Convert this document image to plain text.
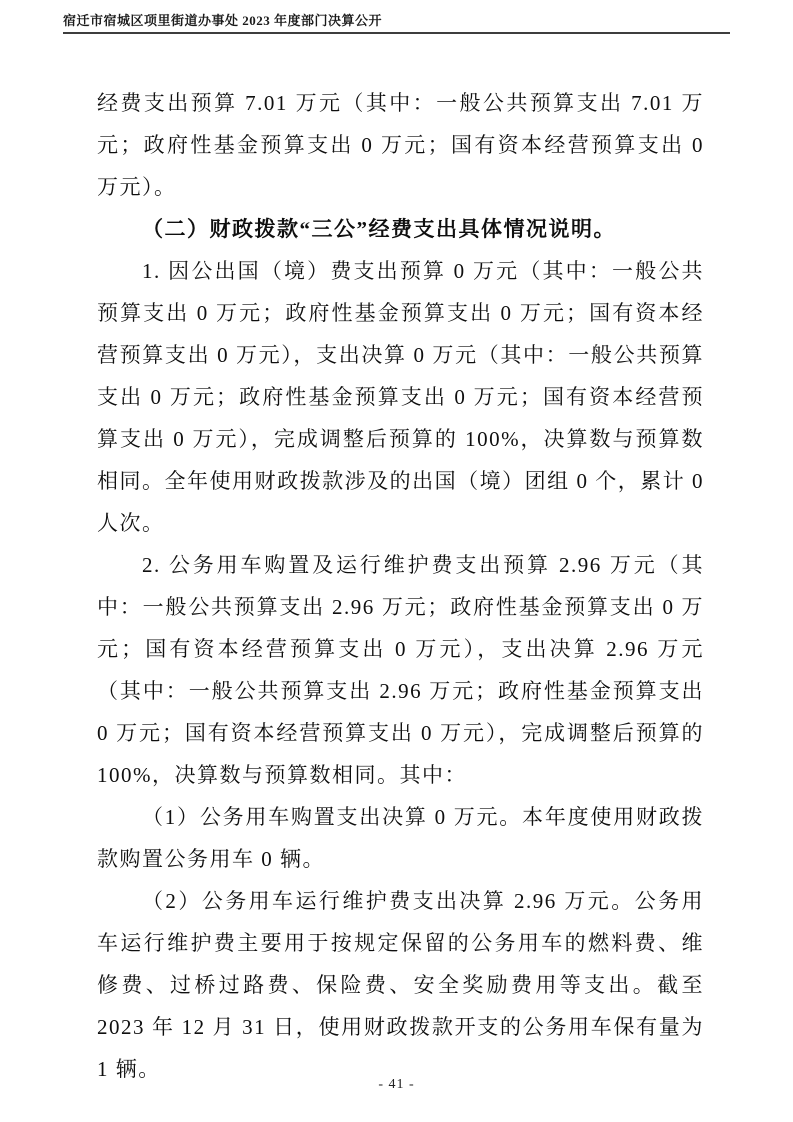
宿迁市宿城区项里街道办事处 2023 年度部门决算公开

经费支出预算 7.01 万元（其中：一般公共预算支出 7.01 万元；政府性基金预算支出 0 万元；国有资本经营预算支出 0 万元）。

（二）财政拨款“三公”经费支出具体情况说明。

1. 因公出国（境）费支出预算 0 万元（其中：一般公共预算支出 0 万元；政府性基金预算支出 0 万元；国有资本经营预算支出 0 万元），支出决算 0 万元（其中：一般公共预算支出 0 万元；政府性基金预算支出 0 万元；国有资本经营预算支出 0 万元），完成调整后预算的 100%，决算数与预算数相同。全年使用财政拨款涉及的出国（境）团组 0 个，累计 0 人次。

2. 公务用车购置及运行维护费支出预算 2.96 万元（其中：一般公共预算支出 2.96 万元；政府性基金预算支出 0 万元；国有资本经营预算支出 0 万元），支出决算 2.96 万元（其中：一般公共预算支出 2.96 万元；政府性基金预算支出 0 万元；国有资本经营预算支出 0 万元），完成调整后预算的 100%，决算数与预算数相同。其中：

（1）公务用车购置支出决算 0 万元。本年度使用财政拨款购置公务用车 0 辆。

（2）公务用车运行维护费支出决算 2.96 万元。公务用车运行维护费主要用于按规定保留的公务用车的燃料费、维修费、过桥过路费、保险费、安全奖励费用等支出。截至 2023 年 12 月 31 日，使用财政拨款开支的公务用车保有量为 1 辆。

- 41 -
